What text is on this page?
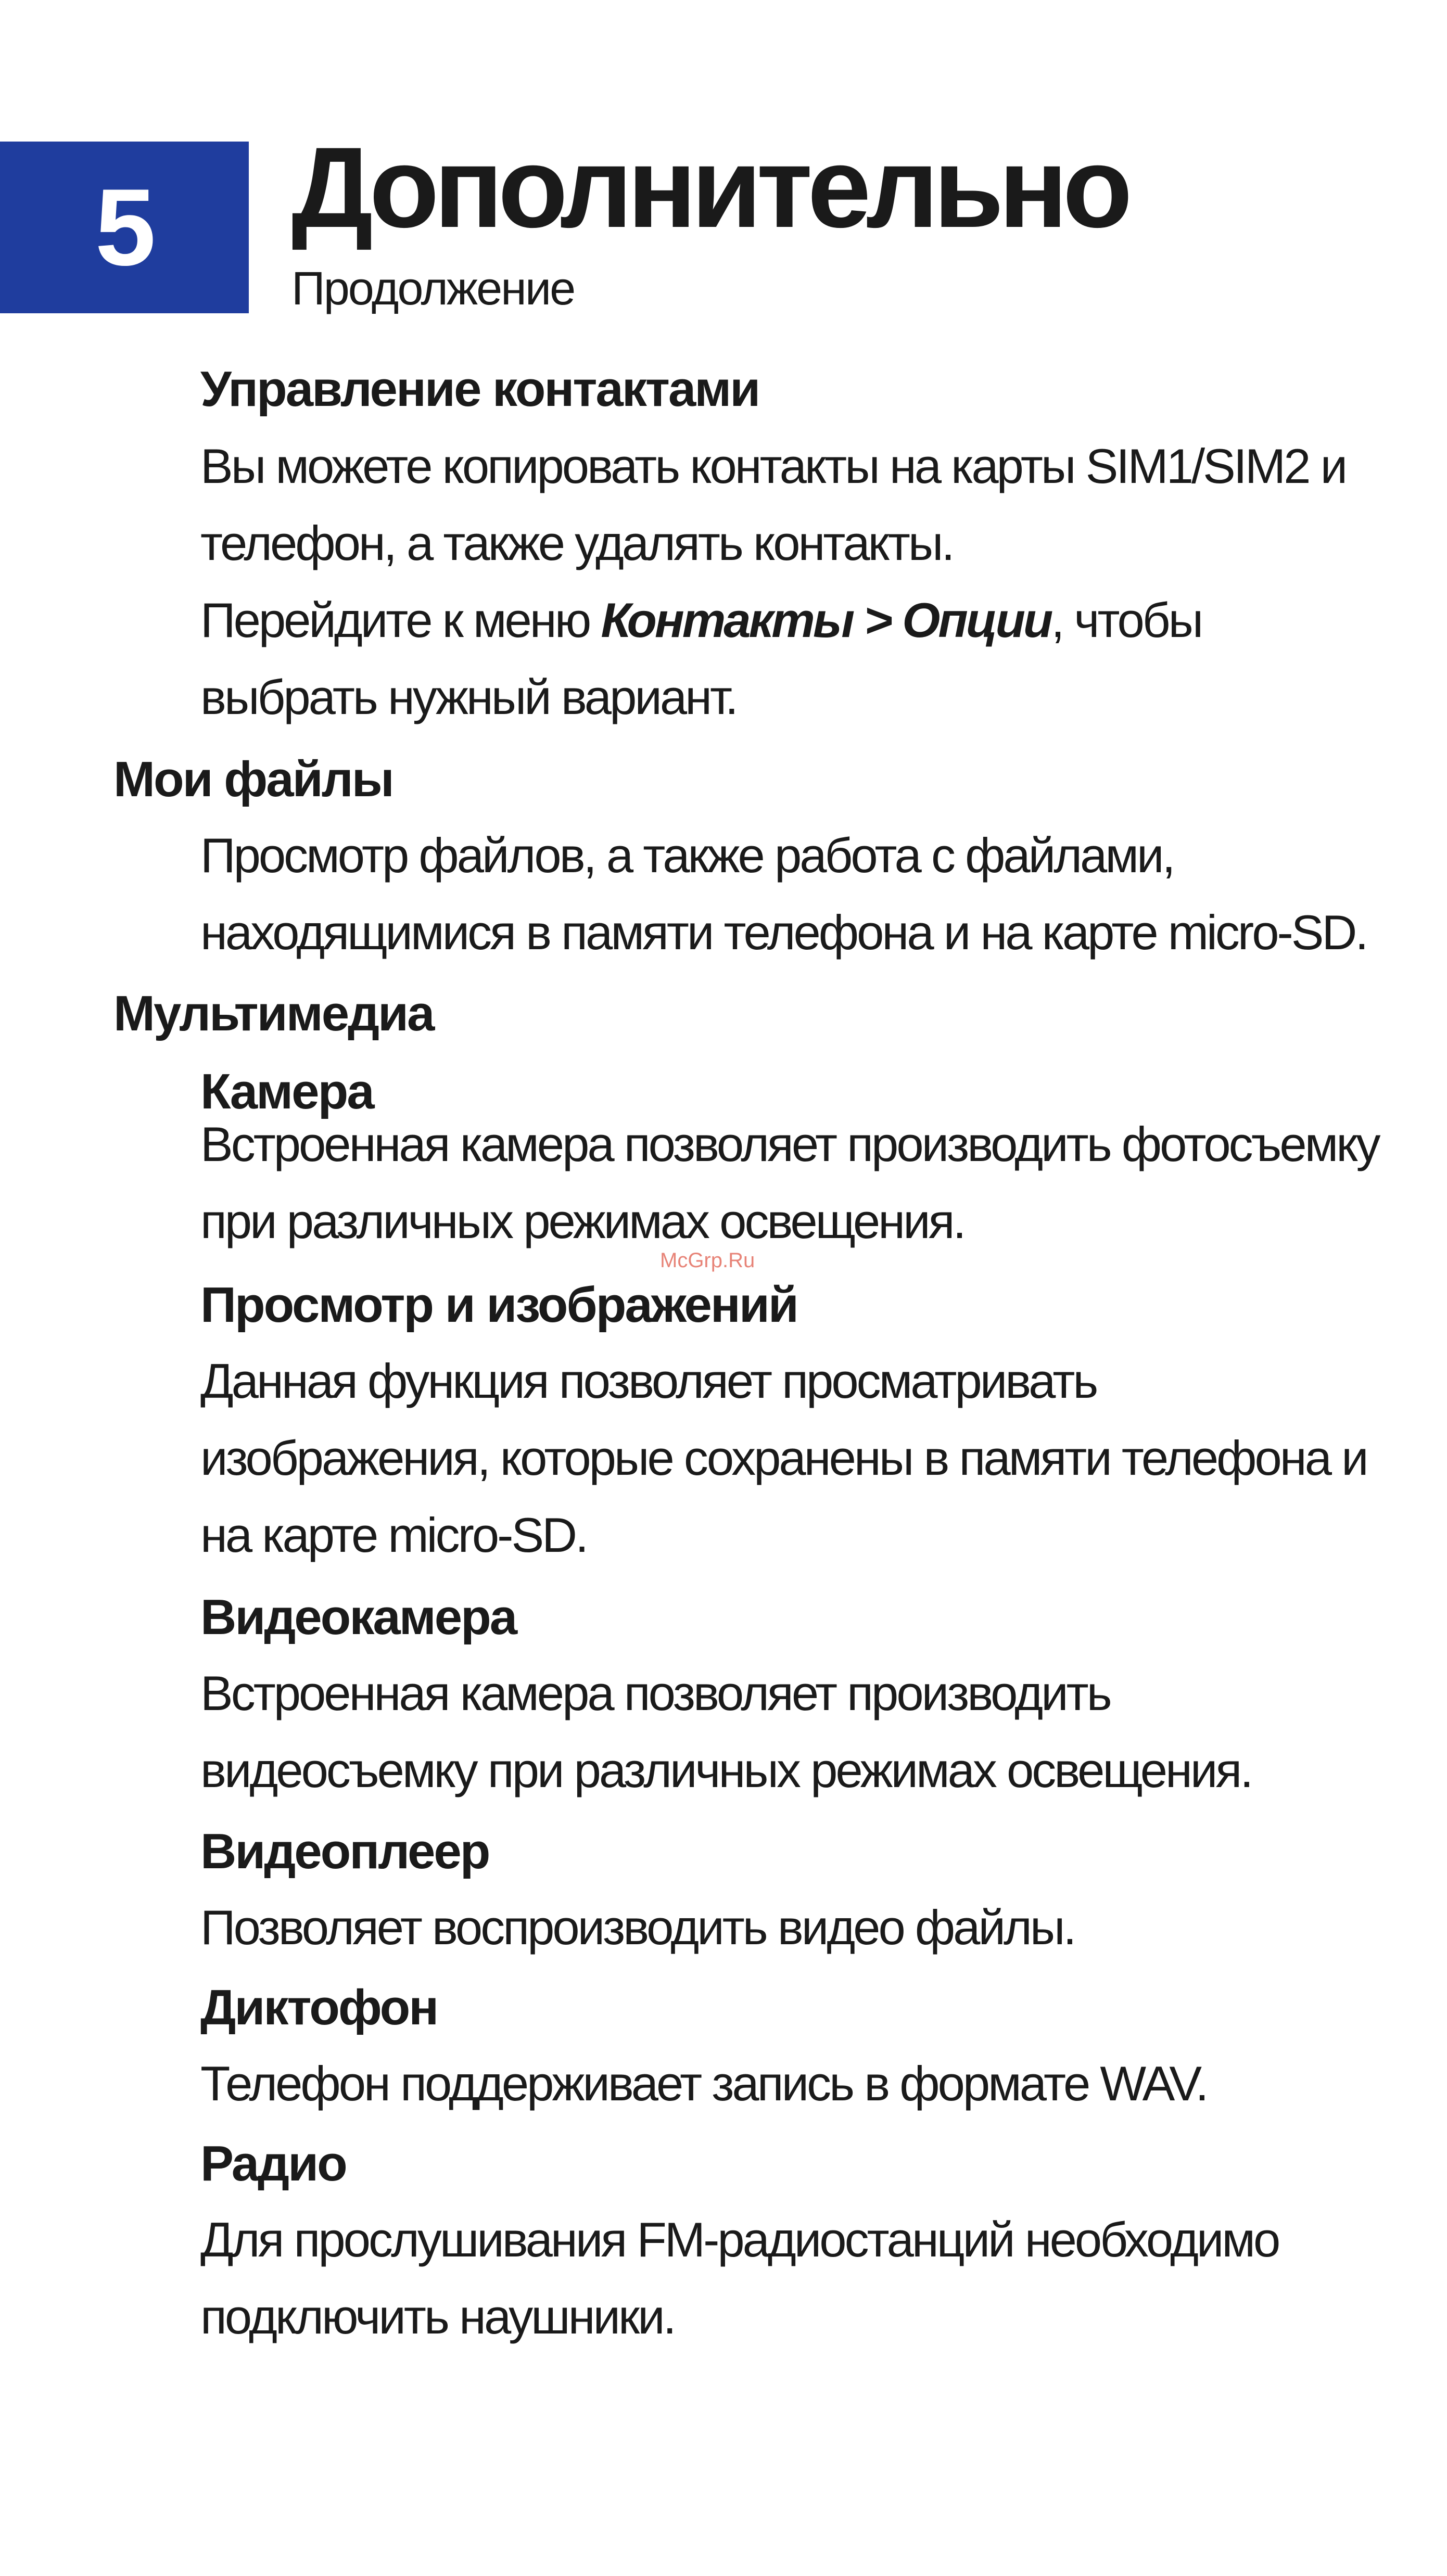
5 Дополнительно
Продолжение
Управление контактами
Вы можете копировать контакты на карты SIM1/SIM2 и
телефон, а также удалять контакты.
Перейдите к меню Контакты > Опции, чтобы
выбрать нужный вариант.
Мои файлы
Просмотр файлов, а также работа с файлами,
находящимися в памяти телефона и на карте micro-SD.
Мультимедиа
Камера
Встроенная камера позволяет производить фотосъемку
при различных режимах освещения.
Просмотр и изображений
Данная функция позволяет просматривать
изображения, которые сохранены в памяти телефона и
на карте micro-SD.
Видеокамера
Встроенная камера позволяет производить
видеосъемку при различных режимах освещения.
Видеоплеер
Позволяет воспроизводить видео файлы.
Диктофон
Телефон поддерживает запись в формате WAV.
Радио
Для прослушивания FM-радиостанций необходимо
подключить наушники.
McGrp.Ru
